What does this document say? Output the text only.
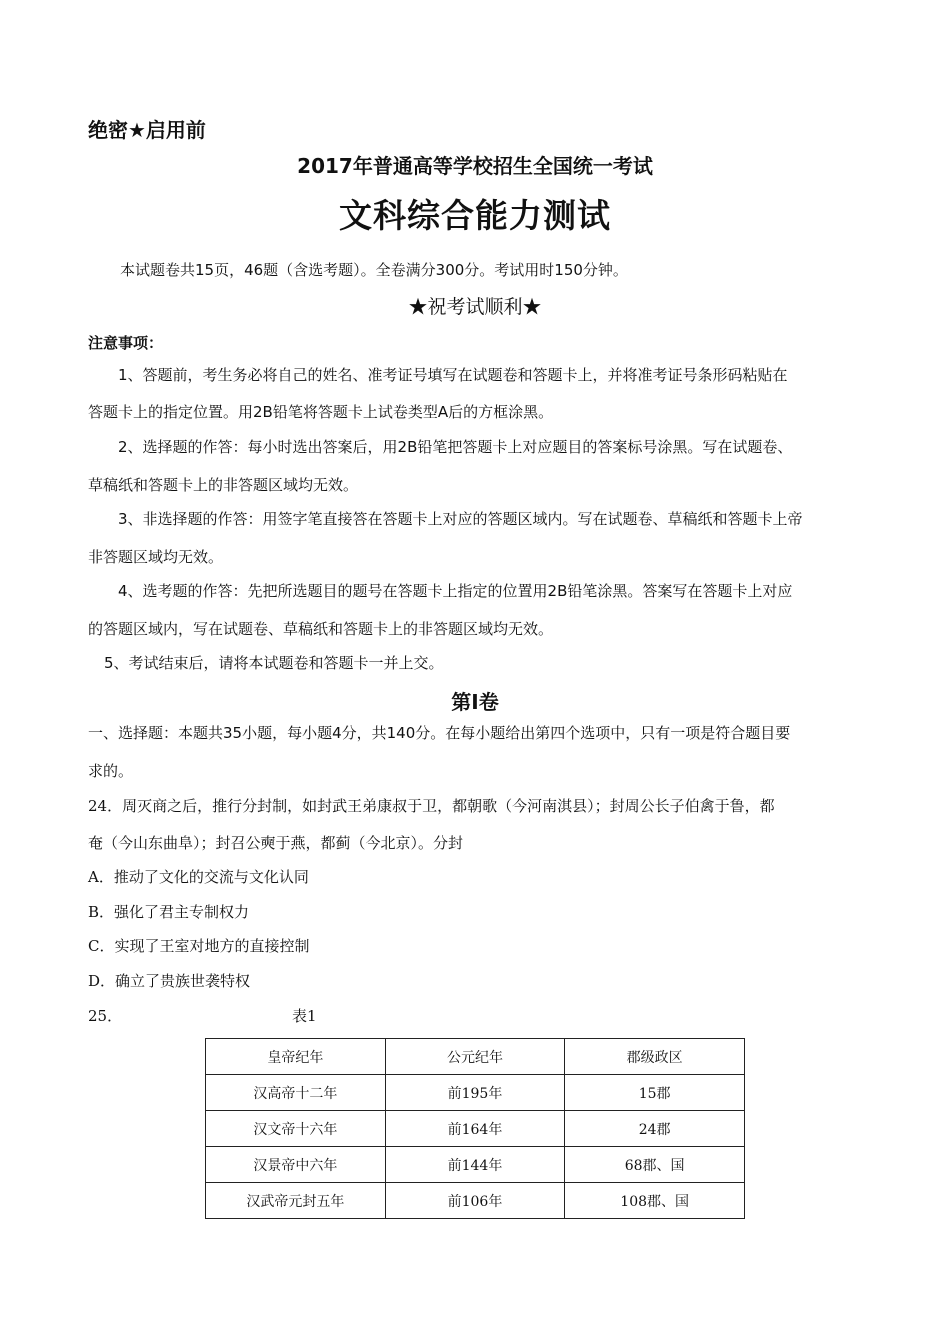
绝密★启用前
2017年普通高等学校招生全国统一考试
文科综合能力测试
本试题卷共15页，46题（含选考题）。全卷满分300分。考试用时150分钟。
★祝考试顺利★
注意事项：
1、答题前，考生务必将自己的姓名、准考证号填写在试题卷和答题卡上，并将准考证号条形码粘贴在
答题卡上的指定位置。用2B铅笔将答题卡上试卷类型A后的方框涂黑。
2、选择题的作答：每小时选出答案后，用2B铅笔把答题卡上对应题目的答案标号涂黑。写在试题卷、
草稿纸和答题卡上的非答题区域均无效。
3、非选择题的作答：用签字笔直接答在答题卡上对应的答题区域内。写在试题卷、草稿纸和答题卡上帝
非答题区域均无效。
4、选考题的作答：先把所选题目的题号在答题卡上指定的位置用2B铅笔涂黑。答案写在答题卡上对应
的答题区域内，写在试题卷、草稿纸和答题卡上的非答题区域均无效。
5、考试结束后，请将本试题卷和答题卡一并上交。
第Ⅰ卷
一、选择题：本题共35小题，每小题4分，共140分。在每小题给出第四个选项中，只有一项是符合题目要
求的。
24．周灭商之后，推行分封制，如封武王弟康叔于卫，都朝歌（今河南淇县）；封周公长子伯禽于鲁，都
奄（今山东曲阜）；封召公奭于燕，都蓟（今北京）。分封
A．推动了文化的交流与文化认同
B．强化了君主专制权力
C．实现了王室对地方的直接控制
D．确立了贵族世袭特权
25．	表1
皇帝纪年	公元纪年	郡级政区
汉高帝十二年	前195年	15郡
汉文帝十六年	前164年	24郡
汉景帝中六年	前144年	68郡、国
汉武帝元封五年	前106年	108郡、国
